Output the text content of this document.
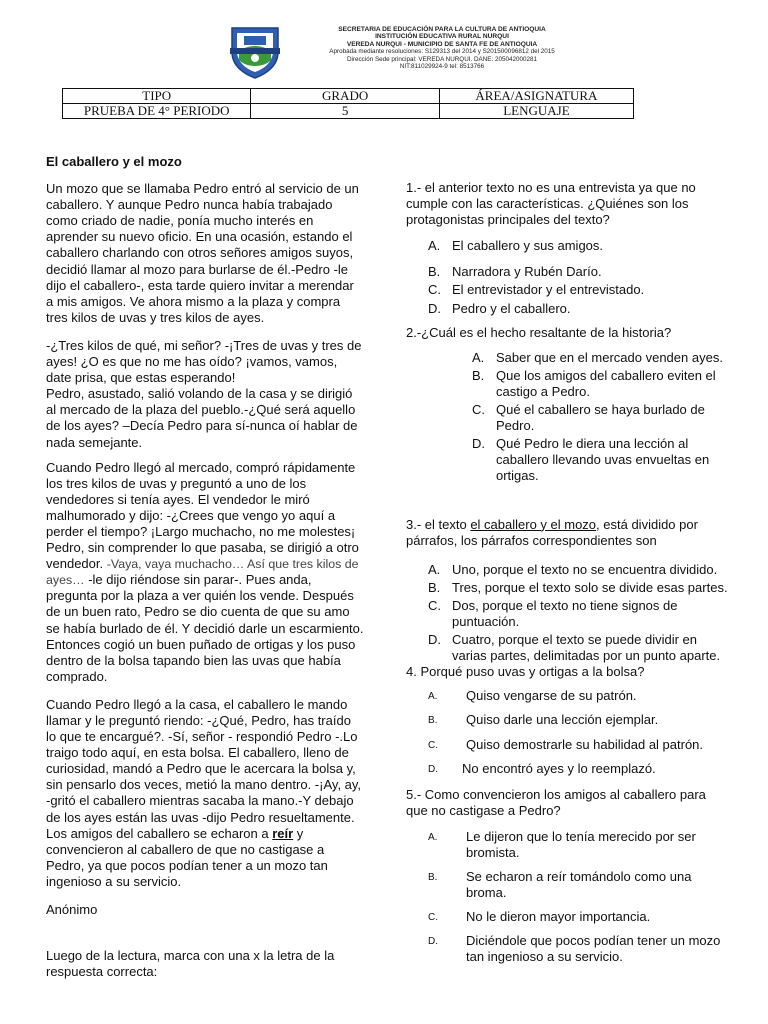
SECRETARIA DE EDUCACIÓN PARA LA CULTURA DE ANTIOQUIA
INSTITUCIÓN EDUCATIVA RURAL NURQUI
VEREDA NURQUI - MUNICIPIO DE SANTA FE DE ANTIOQUIA
Aprobada mediante resoluciones: S129313 del 2014 y S201500096812 del 2015
Dirección Sede principal: VEREDA NURQUI. DANE: 205042000281
NIT:811029924-9 tel: 8513766
TIPO	GRADO	ÁREA/ASIGNATURA
PRUEBA DE 4° PERIODO	5	LENGUAJE
El caballero y el mozo
Un mozo que se llamaba Pedro entró al servicio de un caballero. Y aunque Pedro nunca había trabajado como criado de nadie, ponía mucho interés en aprender su nuevo oficio. En una ocasión, estando el caballero charlando con otros señores amigos suyos, decidió llamar al mozo para burlarse de él.-Pedro -le dijo el caballero-, esta tarde quiero invitar a merendar a mis amigos. Ve ahora mismo a la plaza y compra tres kilos de uvas y tres kilos de ayes.
-¿Tres kilos de qué, mi señor? -¡Tres de uvas y tres de ayes! ¿O es que no me has oído? ¡vamos, vamos, date prisa, que estas esperando!
Pedro, asustado, salió volando de la casa y se dirigió al mercado de la plaza del pueblo.-¿Qué será aquello de los ayes? –Decía Pedro para sí-nunca oí hablar de nada semejante.
Cuando Pedro llegó al mercado, compró rápidamente los tres kilos de uvas y preguntó a uno de los vendedores si tenía ayes. El vendedor le miró malhumorado y dijo: -¿Crees que vengo yo aquí a perder el tiempo? ¡Largo muchacho, no me molestes¡ Pedro, sin comprender lo que pasaba, se dirigió a otro vendedor. -Vaya, vaya muchacho… Así que tres kilos de ayes… -le dijo riéndose sin parar-. Pues anda, pregunta por la plaza a ver quién los vende. Después de un buen rato, Pedro se dio cuenta de que su amo se había burlado de él. Y decidió darle un escarmiento. Entonces cogió un buen puñado de ortigas y los puso dentro de la bolsa tapando bien las uvas que había comprado.
Cuando Pedro llegó a la casa, el caballero le mando llamar y le preguntó riendo: -¿Qué, Pedro, has traído lo que te encargué?. -Sí, señor - respondió Pedro -.Lo traigo todo aquí, en esta bolsa. El caballero, lleno de curiosidad, mandó a Pedro que le acercara la bolsa y, sin pensarlo dos veces, metió la mano dentro. -¡Ay, ay, -gritó el caballero mientras sacaba la mano.-Y debajo de los ayes están las uvas -dijo Pedro resueltamente. Los amigos del caballero se echaron a reír y convencieron al caballero de que no castigase a Pedro, ya que pocos podían tener a un mozo tan ingenioso a su servicio.
Anónimo
Luego de la lectura, marca con una x la letra de la respuesta correcta:
1.- el anterior texto no es una entrevista ya que no cumple con las características. ¿Quiénes son los protagonistas principales del texto?
A. El caballero y sus amigos.
B. Narradora y Rubén Darío.
C. El entrevistador y el entrevistado.
D. Pedro y el caballero.
2.-¿Cuál es el hecho resaltante de la historia?
A. Saber que en el mercado venden ayes.
B. Que los amigos del caballero eviten el castigo a Pedro.
C. Qué el caballero se haya burlado de Pedro.
D. Qué Pedro le diera una lección al caballero llevando uvas envueltas en ortigas.
3.- el texto el caballero y el mozo, está dividido por párrafos, los párrafos correspondientes son
A. Uno, porque el texto no se encuentra dividido.
B. Tres, porque el texto solo se divide esas partes.
C. Dos, porque el texto no tiene signos de puntuación.
D. Cuatro, porque el texto se puede dividir en varias partes, delimitadas por un punto aparte.
4. Porqué puso uvas y ortigas a la bolsa?
A. Quiso vengarse de su patrón.
B. Quiso darle una lección ejemplar.
C. Quiso demostrarle su habilidad al patrón.
D. No encontró ayes y lo reemplazó.
5.- Como convencieron los amigos al caballero para que no castigase a Pedro?
A. Le dijeron que lo tenía merecido por ser bromista.
B. Se echaron a reír tomándolo como una broma.
C. No le dieron mayor importancia.
D. Diciéndole que pocos podían tener un mozo tan ingenioso a su servicio.
